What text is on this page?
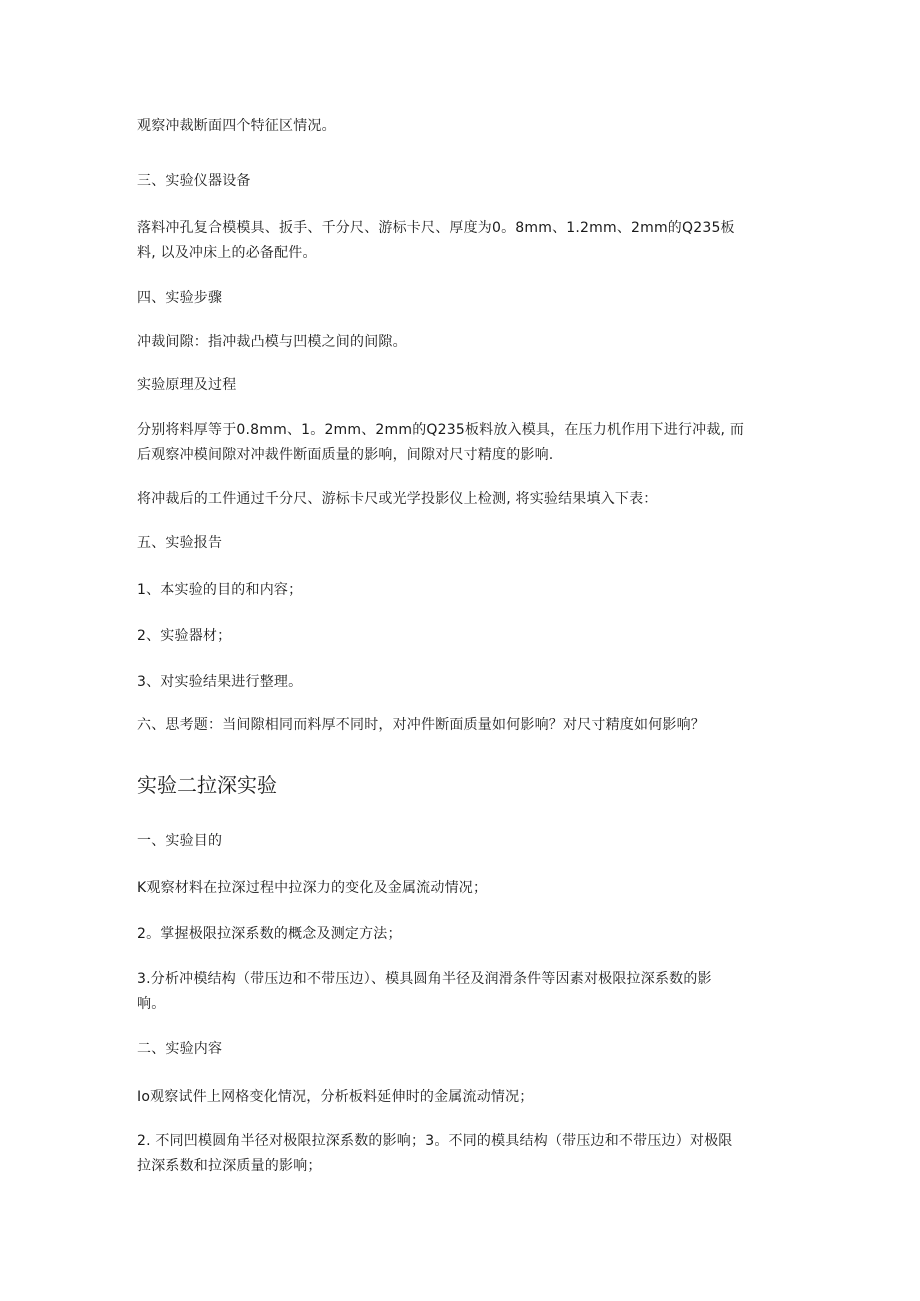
观察冲裁断面四个特征区情况。
三、实验仪器设备
落料冲孔复合模模具、扳手、千分尺、游标卡尺、厚度为0。8mm、1.2mm、2mm的Q235板
料, 以及冲床上的必备配件。
四、实验步骤
冲裁间隙：指冲裁凸模与凹模之间的间隙。
实验原理及过程
分别将料厚等于0.8mm、1。2mm、2mm的Q235板料放入模具，在压力机作用下进行冲裁, 而
后观察冲模间隙对冲裁件断面质量的影响，间隙对尺寸精度的影响.
将冲裁后的工件通过千分尺、游标卡尺或光学投影仪上检测, 将实验结果填入下表：
五、实验报告
1、本实验的目的和内容；
2、实验器材；
3、对实验结果进行整理。
六、思考题：当间隙相同而料厚不同时，对冲件断面质量如何影响？对尺寸精度如何影响？
实验二拉深实验
一、实验目的
K观察材料在拉深过程中拉深力的变化及金属流动情况；
2。掌握极限拉深系数的概念及测定方法；
3.分析冲模结构（带压边和不带压边）、模具圆角半径及润滑条件等因素对极限拉深系数的影
响。
二、实验内容
Io观察试件上网格变化情况，分析板料延伸时的金属流动情况；
2. 不同凹模圆角半径对极限拉深系数的影响；3。不同的模具结构（带压边和不带压边）对极限
拉深系数和拉深质量的影响；
